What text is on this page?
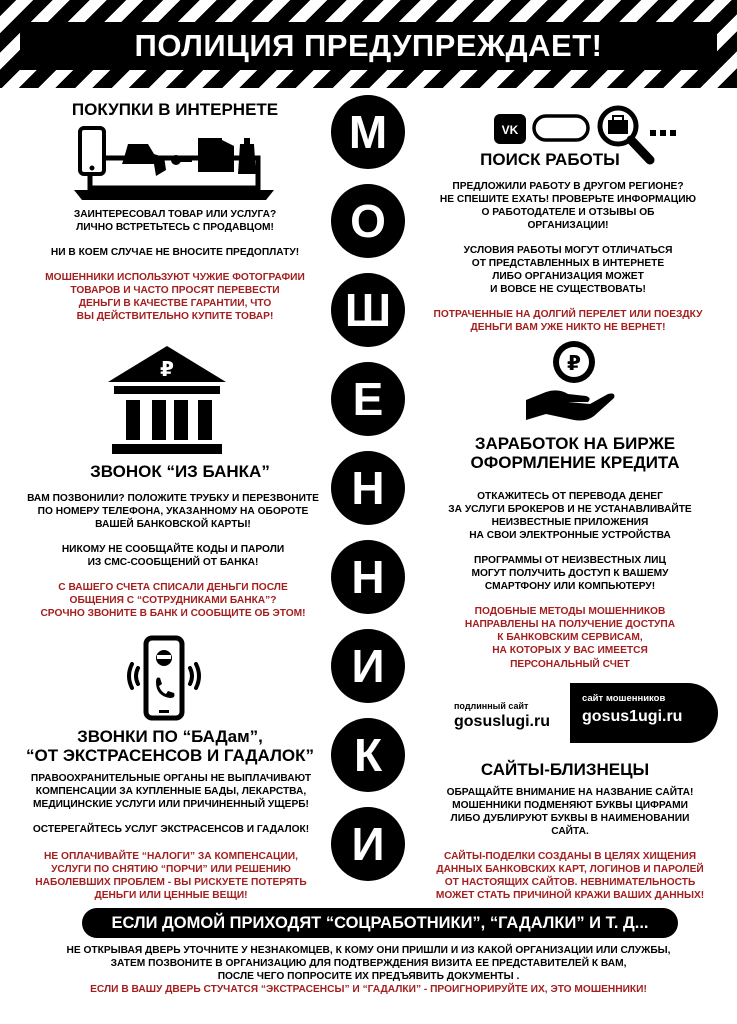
ПОЛИЦИЯ ПРЕДУПРЕЖДАЕТ!
М
О
Ш
Е
Н
Н
И
К
И
ПОКУПКИ В ИНТЕРНЕТЕ

ЗАИНТЕРЕСОВАЛ ТОВАР ИЛИ УСЛУГА?

ЛИЧНО ВСТРЕТЬТЕСЬ С ПРОДАВЦОМ!

НИ В КОЕМ СЛУЧАЕ НЕ ВНОСИТЕ ПРЕДОПЛАТУ!

МОШЕННИКИ ИСПОЛЬЗУЮТ ЧУЖИЕ ФОТОГРАФИИ

ТОВАРОВ И ЧАСТО ПРОСЯТ ПЕРЕВЕСТИ

ДЕНЬГИ В КАЧЕСТВЕ ГАРАНТИИ, ЧТО

ВЫ ДЕЙСТВИТЕЛЬНО КУПИТЕ ТОВАР!

VK
ПОИСК РАБОТЫ

ПРЕДЛОЖИЛИ РАБОТУ В ДРУГОМ РЕГИОНЕ?

НЕ СПЕШИТЕ ЕХАТЬ! ПРОВЕРЬТЕ ИНФОРМАЦИЮ

О РАБОТОДАТЕЛЕ И ОТЗЫВЫ ОБ

ОРГАНИЗАЦИИ!

УСЛОВИЯ РАБОТЫ МОГУТ ОТЛИЧАТЬСЯ

ОТ ПРЕДСТАВЛЕННЫХ В ИНТЕРНЕТЕ

ЛИБО ОРГАНИЗАЦИЯ МОЖЕТ

И ВОВСЕ НЕ СУЩЕСТВОВАТЬ!

ПОТРАЧЕННЫЕ НА ДОЛГИЙ ПЕРЕЛЕТ ИЛИ ПОЕЗДКУ

ДЕНЬГИ ВАМ УЖЕ НИКТО НЕ ВЕРНЕТ!

₽
ЗВОНОК “ИЗ БАНКА”

ВАМ ПОЗВОНИЛИ? ПОЛОЖИТЕ ТРУБКУ И ПЕРЕЗВОНИТЕ

ПО НОМЕРУ ТЕЛЕФОНА, УКАЗАННОМУ НА ОБОРОТЕ

ВАШЕЙ БАНКОВСКОЙ КАРТЫ!

НИКОМУ НЕ СООБЩАЙТЕ КОДЫ И ПАРОЛИ

ИЗ СМС-СООБЩЕНИЙ ОТ БАНКА!

С ВАШЕГО СЧЕТА СПИСАЛИ ДЕНЬГИ ПОСЛЕ

ОБЩЕНИЯ С “СОТРУДНИКАМИ БАНКА”?

СРОЧНО ЗВОНИТЕ В БАНК И СООБЩИТЕ ОБ ЭТОМ!

₽
ЗАРАБОТОК НА БИРЖЕ
ОФОРМЛЕНИЕ КРЕДИТА

ОТКАЖИТЕСЬ ОТ ПЕРЕВОДА ДЕНЕГ

ЗА УСЛУГИ БРОКЕРОВ И НЕ УСТАНАВЛИВАЙТЕ

НЕИЗВЕСТНЫЕ ПРИЛОЖЕНИЯ

НА СВОИ ЭЛЕКТРОННЫЕ УСТРОЙСТВА

ПРОГРАММЫ ОТ НЕИЗВЕСТНЫХ ЛИЦ

МОГУТ ПОЛУЧИТЬ ДОСТУП К ВАШЕМУ

СМАРТФОНУ ИЛИ КОМПЬЮТЕРУ!

ПОДОБНЫЕ МЕТОДЫ МОШЕННИКОВ

НАПРАВЛЕНЫ НА ПОЛУЧЕНИЕ ДОСТУПА

К БАНКОВСКИМ СЕРВИСАМ,

НА КОТОРЫХ У ВАС ИМЕЕТСЯ

ПЕРСОНАЛЬНЫЙ СЧЕТ

ЗВОНКИ ПО “БАДам”,
“ОТ ЭКСТРАСЕНСОВ И ГАДАЛОК”

ПРАВООХРАНИТЕЛЬНЫЕ ОРГАНЫ НЕ ВЫПЛАЧИВАЮТ

КОМПЕНСАЦИИ ЗА КУПЛЕННЫЕ БАДЫ, ЛЕКАРСТВА,

МЕДИЦИНСКИЕ УСЛУГИ ИЛИ ПРИЧИНЕННЫЙ УЩЕРБ!

ОСТЕРЕГАЙТЕСЬ УСЛУГ ЭКСТРАСЕНСОВ И ГАДАЛОК!

НЕ ОПЛАЧИВАЙТЕ “НАЛОГИ” ЗА КОМПЕНСАЦИИ,

УСЛУГИ ПО СНЯТИЮ “ПОРЧИ” ИЛИ РЕШЕНИЮ

НАБОЛЕВШИХ ПРОБЛЕМ - ВЫ РИСКУЕТЕ ПОТЕРЯТЬ

ДЕНЬГИ ИЛИ ЦЕННЫЕ ВЕЩИ!

подлинный сайт
gosuslugi.ru
сайт мошенников
gosus1ugi.ru
САЙТЫ-БЛИЗНЕЦЫ

ОБРАЩАЙТЕ ВНИМАНИЕ НА НАЗВАНИЕ САЙТА!

МОШЕННИКИ ПОДМЕНЯЮТ БУКВЫ ЦИФРАМИ

ЛИБО ДУБЛИРУЮТ БУКВЫ В НАИМЕНОВАНИИ

САЙТА.

САЙТЫ-ПОДЕЛКИ СОЗДАНЫ В ЦЕЛЯХ ХИЩЕНИЯ

ДАННЫХ БАНКОВСКИХ КАРТ, ЛОГИНОВ И ПАРОЛЕЙ

ОТ НАСТОЯЩИХ САЙТОВ. НЕВНИМАТЕЛЬНОСТЬ

МОЖЕТ СТАТЬ ПРИЧИНОЙ КРАЖИ ВАШИХ ДАННЫХ!

ЕСЛИ ДОМОЙ ПРИХОДЯТ “СОЦРАБОТНИКИ”, “ГАДАЛКИ” И Т. Д...

НЕ ОТКРЫВАЯ ДВЕРЬ УТОЧНИТЕ У НЕЗНАКОМЦЕВ, К КОМУ ОНИ ПРИШЛИ И ИЗ КАКОЙ ОРГАНИЗАЦИИ ИЛИ СЛУЖБЫ,

ЗАТЕМ ПОЗВОНИТЕ В ОРГАНИЗАЦИЮ ДЛЯ ПОДТВЕРЖДЕНИЯ ВИЗИТА ЕЕ ПРЕДСТАВИТЕЛЕЙ К ВАМ,

ПОСЛЕ ЧЕГО ПОПРОСИТЕ ИХ ПРЕДЪЯВИТЬ ДОКУМЕНТЫ .

ЕСЛИ В ВАШУ ДВЕРЬ СТУЧАТСЯ “ЭКСТРАСЕНСЫ” И “ГАДАЛКИ” - ПРОИГНОРИРУЙТЕ ИХ, ЭТО МОШЕННИКИ!
